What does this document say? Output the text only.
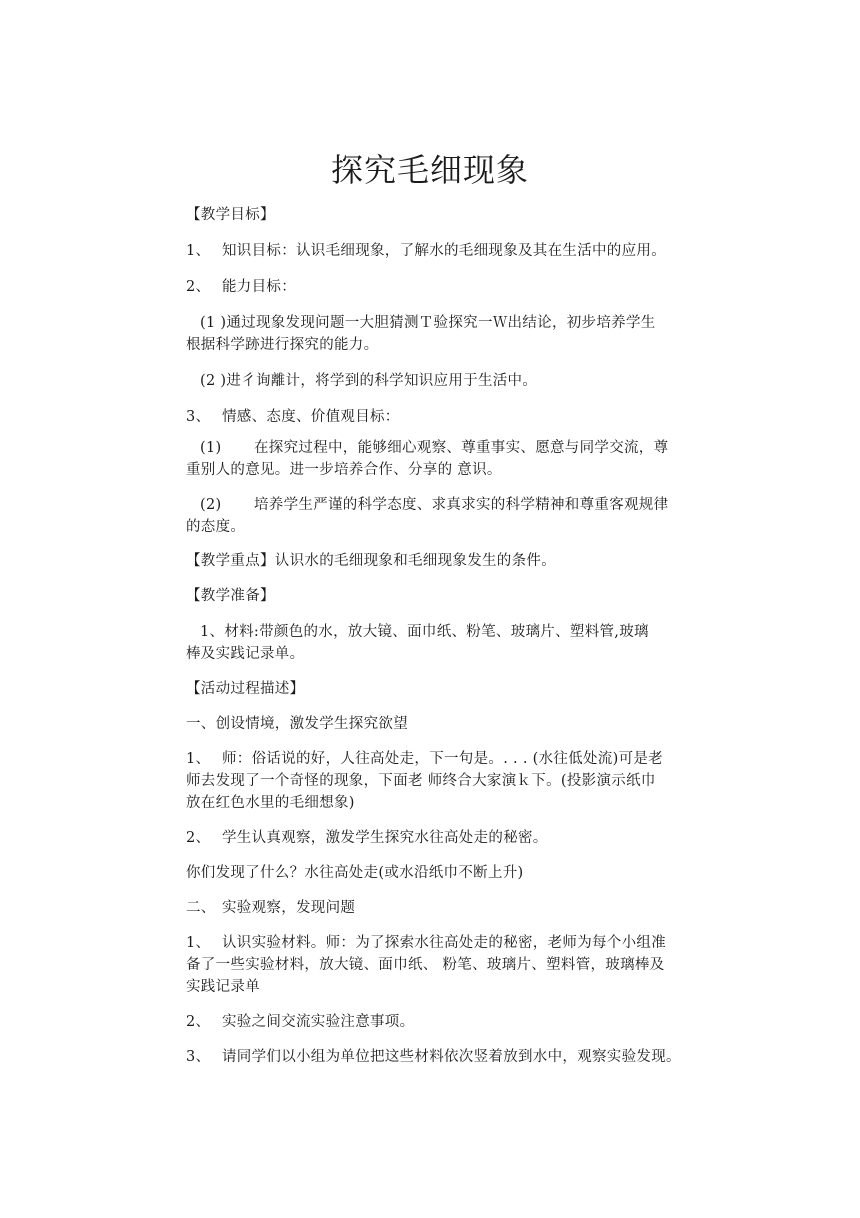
探究毛细现象
【教学目标】
1、 知识目标：认识毛细现象，了解水的毛细现象及其在生活中的应用。
2、 能力目标：
(1 )通过现象发现问题一大胆猜测Ｔ验探究一Ｗ出结论，初步培养学生
根据科学跡进行探究的能力。
(2 )进彳询離计，将学到的科学知识应用于生活中。
3、 情感、态度、价值观目标：
(1) 在探究过程中，能够细心观察、尊重事实、愿意与同学交流，尊
重别人的意见。进一步培养合作、分享的 意识。
(2) 培养学生严谨的科学态度、求真求实的科学精神和尊重客观规律
的态度。
【教学重点】认识水的毛细现象和毛细现象发生的条件。
【教学准备】
1、材料:带颜色的水，放大镜、面巾纸、粉笔、玻璃片、塑料管,玻璃
棒及实践记录单。
【活动过程描述】
一、创设情境，激发学生探究欲望
1、 师：俗话说的好，人往高处走，下一句是。. . . (水往低处流)可是老
师去发现了一个奇怪的现象，下面老 师终合大家演ｋ下。(投影演示纸巾
放在红色水里的毛细想象)
2、 学生认真观察，激发学生探究水往高处走的秘密。
你们发现了什么？水往高处走(或水沿纸巾不断上升)
二、 实验观察，发现问题
1、 认识实验材料。师：为了探索水往高处走的秘密，老师为每个小组准
备了一些实验材料，放大镜、面巾纸、 粉笔、玻璃片、塑料管，玻璃棒及
实践记录单
2、 实验之间交流实验注意事项。
3、 请同学们以小组为单位把这些材料依次竖着放到水中，观察实验发现。
